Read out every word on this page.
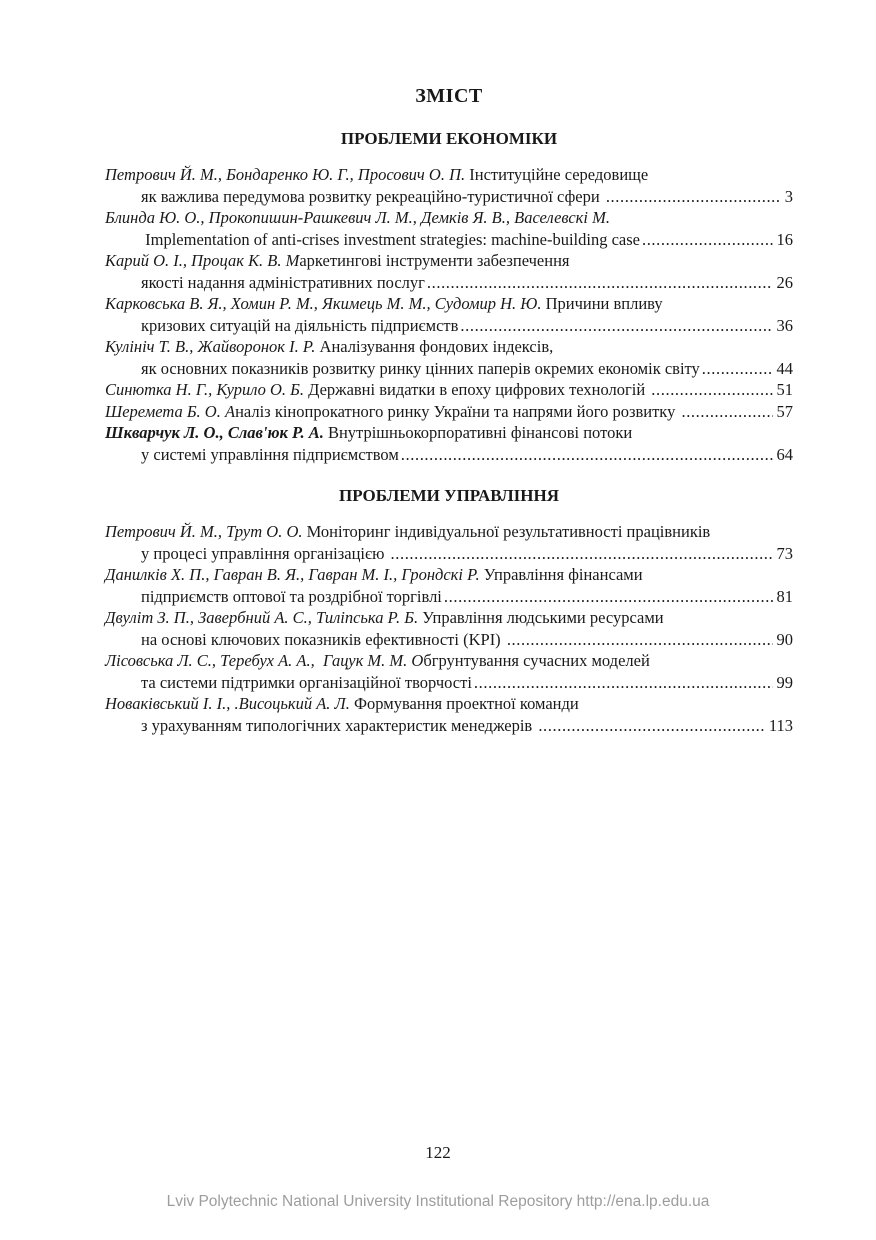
ЗМІСТ
ПРОБЛЕМИ ЕКОНОМІКИ
Петрович Й. М., Бондаренко Ю. Г., Просович О. П. Інституційне середовище
як важлива передумова розвитку рекреаційно-туристичної сфери .....	3
Блинда Ю. О., Прокопишин-Рашкевич Л. М., Демків Я. В., Васелевскі М.
Implementation of anti-crises investment strategies: machine-building case .....	16
Карий О. І., Процак К. В. М аркетингові інструменти забезпечення
якості надання адміністративних послуг .....	26
Карковська В. Я., Хомин Р. М., Якимець М. М., Судомир Н. Ю. Причини впливу
кризових ситуацій на діяльність підприємств .....	36
Кулініч Т. В., Жайворонок І. Р. Аналізування фондових індексів,
як основних показників розвитку ринку цінних паперів окремих економік світу .....	44
Синютка Н. Г., Курило О. Б. Державні видатки в епоху цифрових технологій .....	51
Шеремета Б. О. А наліз кінопрокатного ринку України та напрями його розвитку .....	57
Шкварчук Л. О., Слав'юк Р. А. Внутрішньокорпоративні фінансові потоки
у системі управління підприємством .....	64
ПРОБЛЕМИ УПРАВЛІННЯ
Петрович Й. М., Трут О. О. Моніторинг індивідуальної результативності працівників
у процесі управління організацією .....	73
Данилків Х. П., Гавран В. Я., Гавран М. І., Грондскі Р. Управління фінансами
підприємств оптової та роздрібної торгівлі .....	81
Двуліт З. П., Завербний А. С., Тиліпська Р. Б. Управління людськими ресурсами
на основі ключових показників ефективності (KPI) .....	90
Лісовська Л. С., Теребух А. А.,  Гацук М. М. О бгрунтування сучасних моделей
та системи підтримки організаційної творчості .....	99
Новаківський І. І., .Висоцький А. Л. Формування проектної команди
з урахуванням типологічних характеристик менеджерів .....	113
122
Lviv Polytechnic National University Institutional Repository http://ena.lp.edu.ua
